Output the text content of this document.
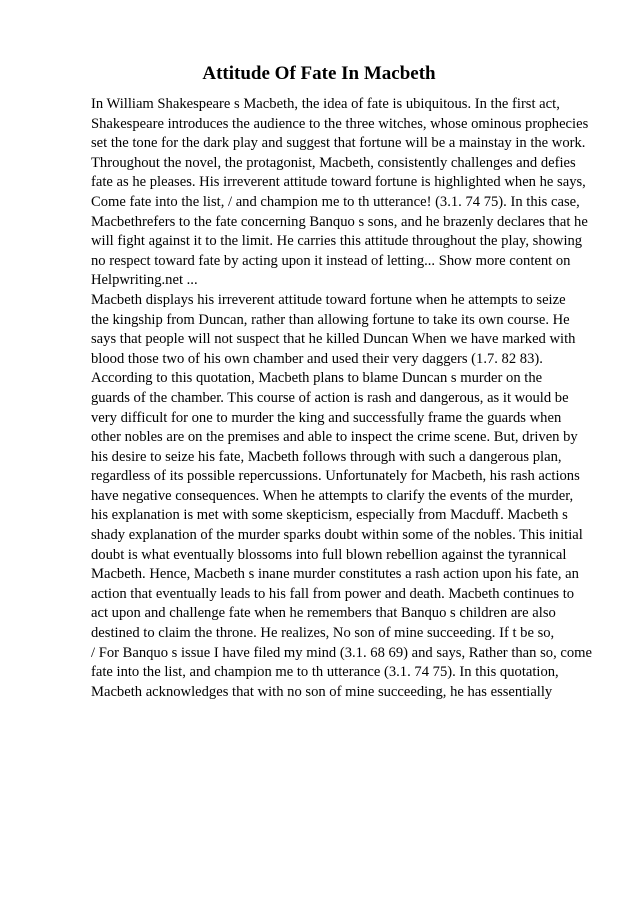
Attitude Of Fate In Macbeth
In William Shakespeare s Macbeth, the idea of fate is ubiquitous. In the first act,
Shakespeare introduces the audience to the three witches, whose ominous prophecies
set the tone for the dark play and suggest that fortune will be a mainstay in the work.
Throughout the novel, the protagonist, Macbeth, consistently challenges and defies
fate as he pleases. His irreverent attitude toward fortune is highlighted when he says,
Come fate into the list, / and champion me to th utterance! (3.1. 74 75). In this case,
Macbethrefers to the fate concerning Banquo s sons, and he brazenly declares that he
will fight against it to the limit. He carries this attitude throughout the play, showing
no respect toward fate by acting upon it instead of letting... Show more content on
Helpwriting.net ...
Macbeth displays his irreverent attitude toward fortune when he attempts to seize
the kingship from Duncan, rather than allowing fortune to take its own course. He
says that people will not suspect that he killed Duncan When we have marked with
blood those two of his own chamber and used their very daggers (1.7. 82 83).
According to this quotation, Macbeth plans to blame Duncan s murder on the
guards of the chamber. This course of action is rash and dangerous, as it would be
very difficult for one to murder the king and successfully frame the guards when
other nobles are on the premises and able to inspect the crime scene. But, driven by
his desire to seize his fate, Macbeth follows through with such a dangerous plan,
regardless of its possible repercussions. Unfortunately for Macbeth, his rash actions
have negative consequences. When he attempts to clarify the events of the murder,
his explanation is met with some skepticism, especially from Macduff. Macbeth s
shady explanation of the murder sparks doubt within some of the nobles. This initial
doubt is what eventually blossoms into full blown rebellion against the tyrannical
Macbeth. Hence, Macbeth s inane murder constitutes a rash action upon his fate, an
action that eventually leads to his fall from power and death. Macbeth continues to
act upon and challenge fate when he remembers that Banquo s children are also
destined to claim the throne. He realizes, No son of mine succeeding. If t be so,
/ For Banquo s issue I have filed my mind (3.1. 68 69) and says, Rather than so, come
fate into the list, and champion me to th utterance (3.1. 74 75). In this quotation,
Macbeth acknowledges that with no son of mine succeeding, he has essentially
